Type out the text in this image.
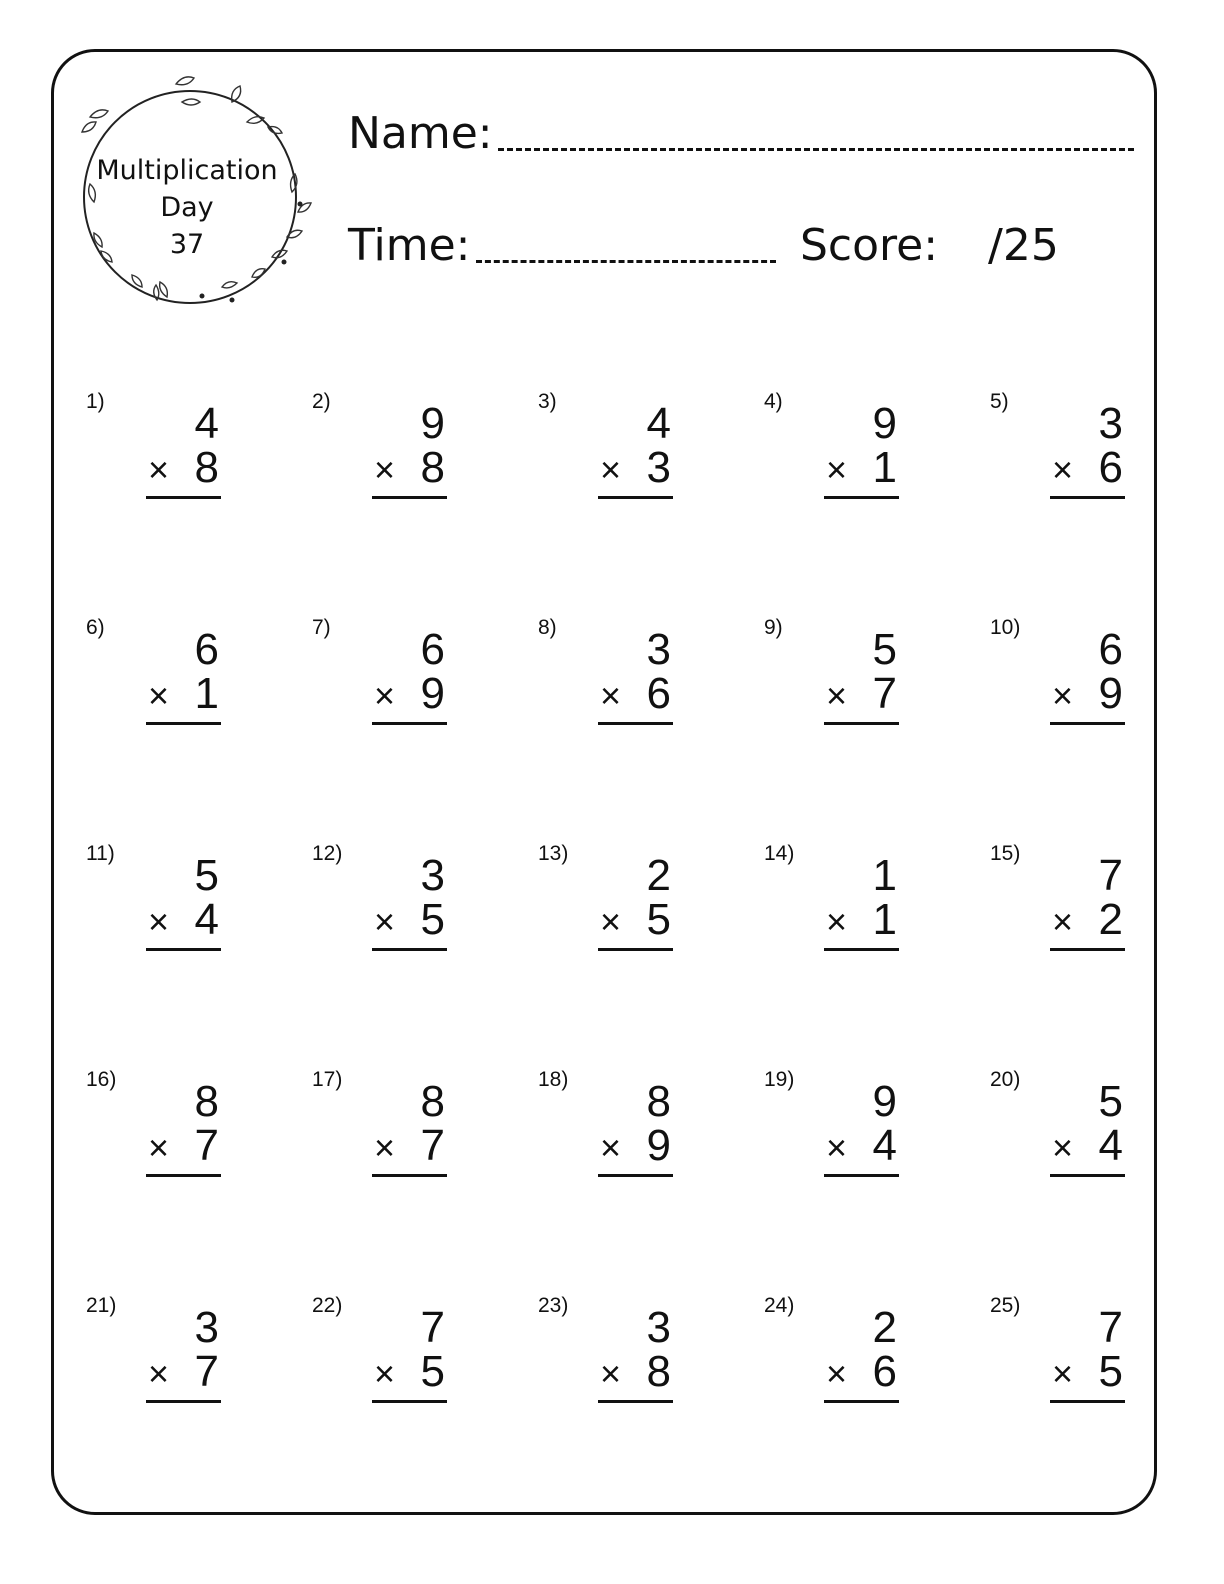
Multiplication
Day
37
Name:
Time:	Score: /25
1) 4
× 8
2) 9
× 8
3) 4
× 3
4) 9
× 1
5) 3
× 6
6) 6
× 1
7) 6
× 9
8) 3
× 6
9) 5
× 7
10) 6
× 9
11) 5
× 4
12) 3
× 5
13) 2
× 5
14) 1
× 1
15) 7
× 2
16) 8
× 7
17) 8
× 7
18) 8
× 9
19) 9
× 4
20) 5
× 4
21) 3
× 7
22) 7
× 5
23) 3
× 8
24) 2
× 6
25) 7
× 5
